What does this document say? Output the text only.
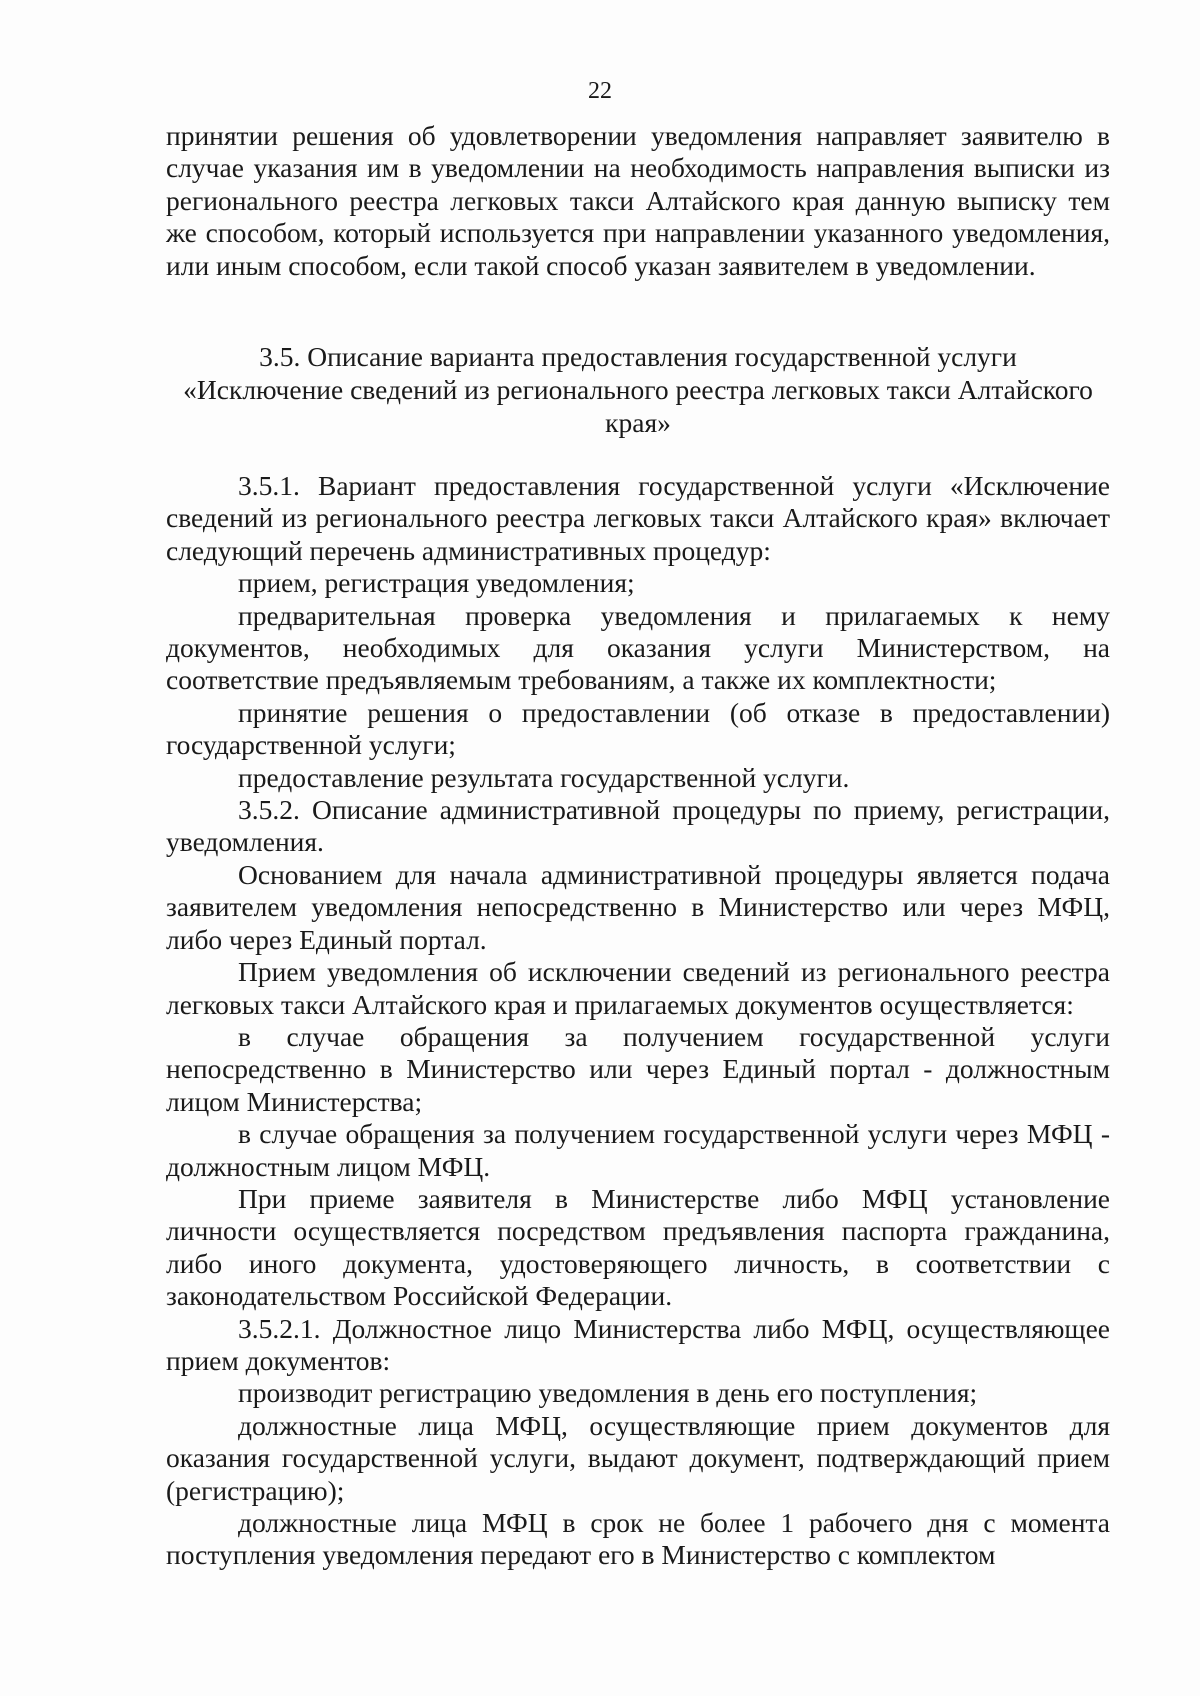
22

принятии решения об удовлетворении уведомления направляет заявителю в случае указания им в уведомлении на необходимость направления выписки из регионального реестра легковых такси Алтайского края данную выписку тем же способом, который используется при направлении указанного уведомления, или иным способом, если такой способ указан заявителем в уведомлении.

3.5. Описание варианта предоставления государственной услуги

«Исключение сведений из регионального реестра легковых такси Алтайского края»

3.5.1. Вариант предоставления государственной услуги «Исключение сведений из регионального реестра легковых такси Алтайского края» включает следующий перечень административных процедур:

прием, регистрация уведомления;

предварительная проверка уведомления и прилагаемых к нему документов, необходимых для оказания услуги Министерством, на соответствие предъявляемым требованиям, а также их комплектности;

принятие решения о предоставлении (об отказе в предоставлении) государственной услуги;

предоставление результата государственной услуги.

3.5.2. Описание административной процедуры по приему, регистрации, уведомления.

Основанием для начала административной процедуры является подача заявителем уведомления непосредственно в Министерство или через МФЦ, либо через Единый портал.

Прием уведомления об исключении сведений из регионального реестра легковых такси Алтайского края и прилагаемых документов осуществляется:

в случае обращения за получением государственной услуги непосредственно в Министерство или через Единый портал - должностным лицом Министерства;

в случае обращения за получением государственной услуги через МФЦ - должностным лицом МФЦ.

При приеме заявителя в Министерстве либо МФЦ установление личности осуществляется посредством предъявления паспорта гражданина, либо иного документа, удостоверяющего личность, в соответствии с законодательством Российской Федерации.

3.5.2.1. Должностное лицо Министерства либо МФЦ, осуществляющее прием документов:

производит регистрацию уведомления в день его поступления;

должностные лица МФЦ, осуществляющие прием документов для оказания государственной услуги, выдают документ, подтверждающий прием (регистрацию);

должностные лица МФЦ в срок не более 1 рабочего дня с момента поступления уведомления передают его в Министерство с комплектом
